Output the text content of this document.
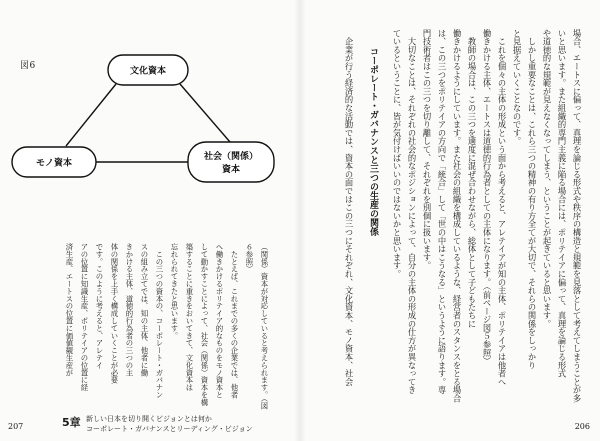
図6
文化資本
モノ資本
社会（関係）
資本
（関係）資本が対応していると考えられます。（図
６参照）
　たとえば、これまでの多くの企業では、他者
へ働きかけるポリテイア的なものをモノ資本と
して動かすことによって、社会（関係）資本を構
築することに重きをおいてきて、文化資本は
忘れられてきたと思います。
　この三つの資本の、コーポレート・ガバナン
スの組み立てでは、知の主体、他者に働
きかける主体、道徳的行為者の三つの主
体の関係を上手く構成していくことが必要
です。このように考えると、アレテイ
アの位置に知識生産、ポリテイアの位置に経
済生産、エートスの位置に価値観生産が
207	5章 新しい日本を切り開くビジョンとは何か
コーポレート・ガバナンスとリーディング・ビジョン
場合、エートスに偏って、真理を論じる形式や秩序の構造と規範を見落として考えてしまうことが多
いと思います。また組織的専門主義に陥る場合には、ポリテイアに偏って、真理を論じる形式
や道徳的な規範が見えなくなってしまう、ということが起きていると思います。
　しかし重要なことは、これら三つの精神の有り方全てが大切で、それらの関係をしっかり
と見据えていくことなのです。
　これを個々の主体の形成という面から考えると、アレテイアが知の主体、ポリテイアは他者へ
働きかける主体、エートスは道徳的行為者としての主体になります。（前ページ図５参照）
　教師の場合は、この三つを適度に混ぜ合わせながら、総体として子どもたちに
働きかけるようにしています。また社会の組織を構成しているような、経営者のスタンスをとる場合
は、この三つをポリテイアの方向で「統合」して「世の中はこうなる」というように語ります。専
門技術者はこの三つを切り離して、それぞれを別個に扱います。
　大切なことは、それぞれの社会的なポジションによって、自分の主体の形成の仕方が異なってき
ているということに、皆が気付けばいいのではないかと思います。
コーポレート・ガバナンスと三つの生産の関係
　企業が行う経済的な活動では、資本の面ではこの三つにそれぞれ、文化資本、モノ資本、社会
206
